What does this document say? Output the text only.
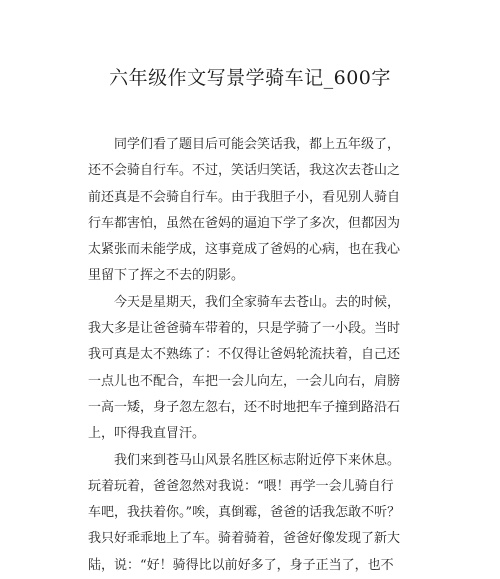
六年级作文写景学骑车记_600字
同学们看了题目后可能会笑话我，都上五年级了，
还不会骑自行车。不过，笑话归笑话，我这次去苍山之
前还真是不会骑自行车。由于我胆子小，看见别人骑自
行车都害怕，虽然在爸妈的逼迫下学了多次，但都因为
太紧张而未能学成，这事竟成了爸妈的心病，也在我心
里留下了挥之不去的阴影。
今天是星期天，我们全家骑车去苍山。去的时候，
我大多是让爸爸骑车带着的，只是学骑了一小段。当时
我可真是太不熟练了：不仅得让爸妈轮流扶着，自己还
一点儿也不配合，车把一会儿向左，一会儿向右，肩膀
一高一矮，身子忽左忽右，还不时地把车子撞到路沿石
上，吓得我直冒汗。
我们来到苍马山风景名胜区标志附近停下来休息。
玩着玩着，爸爸忽然对我说：“喂！再学一会儿骑自行
车吧，我扶着你。”唉，真倒霉，爸爸的话我怎敢不听？
我只好乖乖地上了车。骑着骑着，爸爸好像发现了新大
陆，说：“好！骑得比以前好多了，身子正当了，也不
